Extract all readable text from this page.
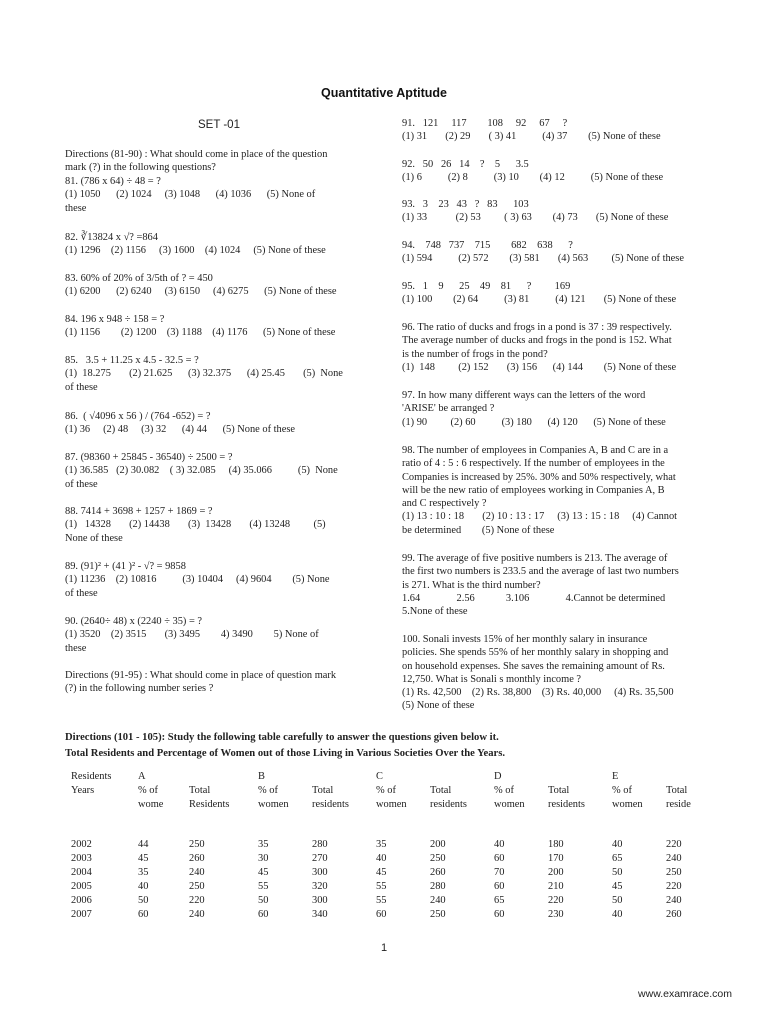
Quantitative Aptitude
SET -01

Directions (81-90) : What should come in place of the question

mark (?) in the following questions?

81. (786 x 64) ÷ 48 = ?

(1) 1050      (2) 1024     (3) 1048      (4) 1036      (5) None of

these

82. ∛13824 x √? =864

(1) 1296    (2) 1156     (3) 1600    (4) 1024     (5) None of these

83. 60% of 20% of 3/5th of ? = 450

(1) 6200      (2) 6240     (3) 6150     (4) 6275      (5) None of these

84. 196 x 948 ÷ 158 = ?

(1) 1156        (2) 1200    (3) 1188    (4) 1176      (5) None of these

85.   3.5 + 11.25 x 4.5 - 32.5 = ?

(1)  18.275       (2) 21.625      (3) 32.375      (4) 25.45       (5)  None

of these

86.  ( √4096 x 56 ) / (764 -652) = ?

(1) 36     (2) 48     (3) 32      (4) 44      (5) None of these

87. (98360 + 25845 - 36540) ÷ 2500 = ?

(1) 36.585   (2) 30.082    ( 3) 32.085     (4) 35.066          (5)  None

of these

88. 7414 + 3698 + 1257 + 1869 = ?

(1)   14328       (2) 14438       (3)  13428       (4) 13248         (5)

None of these

89. (91)² + (41 )² - √? = 9858

(1) 11236    (2) 10816          (3) 10404     (4) 9604        (5) None

of these

90. (2640÷ 48) x (2240 ÷ 35) = ?

(1) 3520    (2) 3515       (3) 3495        4) 3490        5) None of

these

Directions (91-95) : What should come in place of question mark

(?) in the following number series ?

91.   121     117        108     92     67     ?

(1) 31       (2) 29       ( 3) 41          (4) 37        (5) None of these

92.   50   26   14    ?    5      3.5

(1) 6          (2) 8          (3) 10        (4) 12          (5) None of these

93.   3    23   43   ?   83      103

(1) 33           (2) 53         ( 3) 63        (4) 73       (5) None of these

94.    748   737    715        682    638      ?

(1) 594          (2) 572        (3) 581       (4) 563         (5) None of these

95.   1    9      25    49    81      ?         169

(1) 100        (2) 64          (3) 81          (4) 121       (5) None of these

96. The ratio of ducks and frogs in a pond is 37 : 39 respectively.

The average number of ducks and frogs in the pond is 152. What

is the number of frogs in the pond?

(1)  148         (2) 152       (3) 156      (4) 144        (5) None of these

97. In how many different ways can the letters of the word

'ARISE' be arranged ?

(1) 90         (2) 60          (3) 180      (4) 120      (5) None of these

98. The number of employees in Companies A, B and C are in a

ratio of 4 : 5 : 6 respectively. If the number of employees in the

Companies is increased by 25%. 30% and 50% respectively, what

will be the new ratio of employees working in Companies A, B

and C respectively ?

(1) 13 : 10 : 18       (2) 10 : 13 : 17     (3) 13 : 15 : 18     (4) Cannot

be determined        (5) None of these

99. The average of five positive numbers is 213. The average of

the first two numbers is 233.5 and the average of last two numbers

is 271. What is the third number?

1.64              2.56            3.106              4.Cannot be determined

5.None of these

100. Sonali invests 15% of her monthly salary in insurance

policies. She spends 55% of her monthly salary in shopping and

on household expenses. She saves the remaining amount of Rs.

12,750. What is Sonali s monthly income ?

(1) Rs. 42,500    (2) Rs. 38,800    (3) Rs. 40,000     (4) Rs. 35,500

(5) None of these

Directions (101 - 105): Study the following table carefully to answer the questions given below it.
Total Residents and Percentage of Women out of those Living in Various Societies Over the Years.
Residents	A		B		C		D		E	
Years	% of	Total	% of	Total	% of	Total	% of	Total	% of	Total
	wome	Residents	women	residents	women	residents	women	residents	women	reside
2002	44	250	35	280	35	200	40	180	40	220
2003	45	260	30	270	40	250	60	170	65	240
2004	35	240	45	300	45	260	70	200	50	250
2005	40	250	55	320	55	280	60	210	45	220
2006	50	220	50	300	55	240	65	220	50	240
2007	60	240	60	340	60	250	60	230	40	260
1
www.examrace.com
